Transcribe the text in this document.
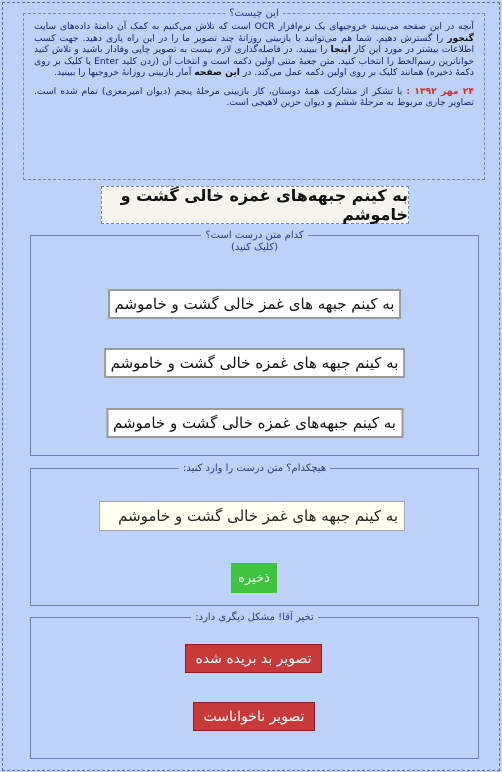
این چیست؟

آنچه در این صفحه می‌بینید خروجیهای یک نرم‌افزار OCR است که تلاش می‌کنیم به کمک آن دامنهٔ داده‌های سایت گنجور را گسترش دهیم. شما هم می‌توانید با بازبینی روزانهٔ چند تصویر ما را در این راه یاری دهید. جهت کسب اطلاعات بیشتر در مورد این کار اینجا را ببینید. در فاصله‌گذاری لازم نیست به تصویر چاپی وفادار باشید و تلاش کنید خوانا‌ترین رسم‌الخط را انتخاب کنید. متن جعبهٔ متنی اولین دکمه است و انتخاب آن (زدن کلید Enter یا کلیک بر روی دکمهٔ ذخیره) همانند کلیک بر روی اولین دکمه عمل می‌کند. در این صفحه آمار بازبینی روزانهٔ خروجیها را ببینید.

۲۴ مهر ۱۳۹۲ : با تشکر از مشارکت همهٔ دوستان، کار بازبینی مرحلهٔ پنجم (دیوان امیرمعزی) تمام شده است. تصاویر جاری مربوط به مرحلهٔ ششم و دیوان حزین لاهیجی است.

به کینم جبهه‌های غمزه خالی گشت و خاموشم
کدام متن درست است؟
(کلیک کنید)
به کینم جبهه های غمز خالی گشت و خاموشم
به کینم جبهه های غمزه خالی گشت و خاموشم
به کینم جبهه‌های غمزه خالی گشت و خاموشم
هیچکدام؟ متن درست را وارد کنید:
به کینم جبهه های غمز خالی گشت و خاموشم
ذخیره
تخیر آقا! مشکل دیگری دارد:
تصویر بد بریده شده
تصویر ناخواناست
